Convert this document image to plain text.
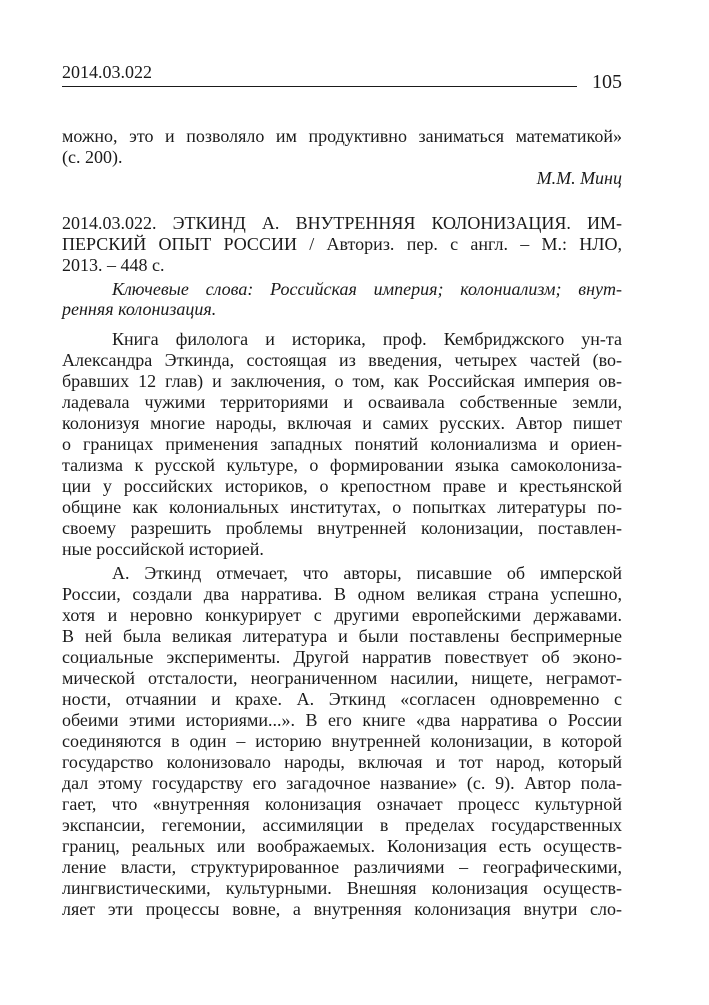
2014.03.022	105
можно, это и позволяло им продуктивно заниматься математикой»
(с. 200).
М.М. Минц
2014.03.022. ЭТКИНД А. ВНУТРЕННЯЯ КОЛОНИЗАЦИЯ. ИМ-
ПЕРСКИЙ ОПЫТ РОССИИ / Авториз. пер. с англ. – М.: НЛО,
2013. – 448 с.
Ключевые слова: Российская империя; колониализм; внут-
ренняя колонизация.
Книга филолога и историка, проф. Кембриджского ун-та
Александра Эткинда, состоящая из введения, четырех частей (во-
бравших 12 глав) и заключения, о том, как Российская империя ов-
ладевала чужими территориями и осваивала собственные земли,
колонизуя многие народы, включая и самих русских. Автор пишет
о границах применения западных понятий колониализма и ориен-
тализма к русской культуре, о формировании языка самоколониза-
ции у российских историков, о крепостном праве и крестьянской
общине как колониальных институтах, о попытках литературы по-
своему разрешить проблемы внутренней колонизации, поставлен-
ные российской историей.
А. Эткинд отмечает, что авторы, писавшие об имперской
России, создали два нарратива. В одном великая страна успешно,
хотя и неровно конкурирует с другими европейскими державами.
В ней была великая литература и были поставлены беспримерные
социальные эксперименты. Другой нарратив повествует об эконо-
мической отсталости, неограниченном насилии, нищете, неграмот-
ности, отчаянии и крахе. А. Эткинд «согласен одновременно с
обеими этими историями...». В его книге «два нарратива о России
соединяются в один – историю внутренней колонизации, в которой
государство колонизовало народы, включая и тот народ, который
дал этому государству его загадочное название» (с. 9). Автор пола-
гает, что «внутренняя колонизация означает процесс культурной
экспансии, гегемонии, ассимиляции в пределах государственных
границ, реальных или воображаемых. Колонизация есть осуществ-
ление власти, структурированное различиями – географическими,
лингвистическими, культурными. Внешняя колонизация осуществ-
ляет эти процессы вовне, а внутренняя колонизация внутри сло-
